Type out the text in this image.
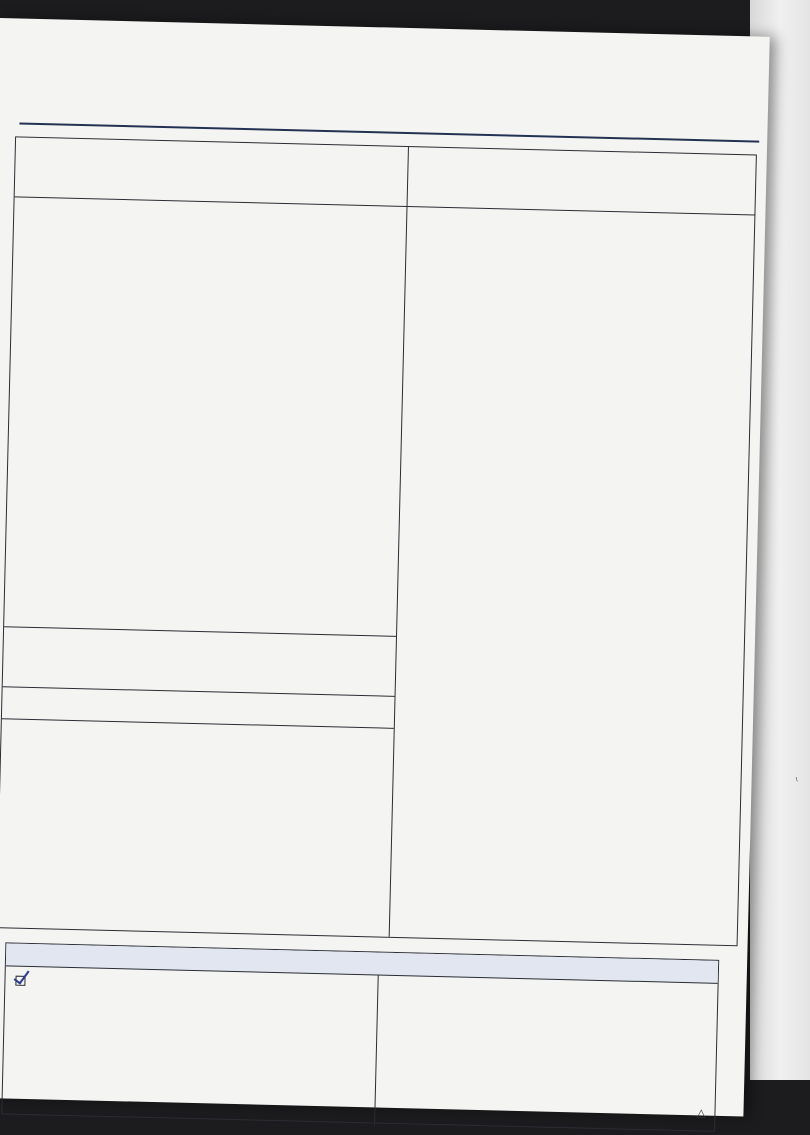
~
△
